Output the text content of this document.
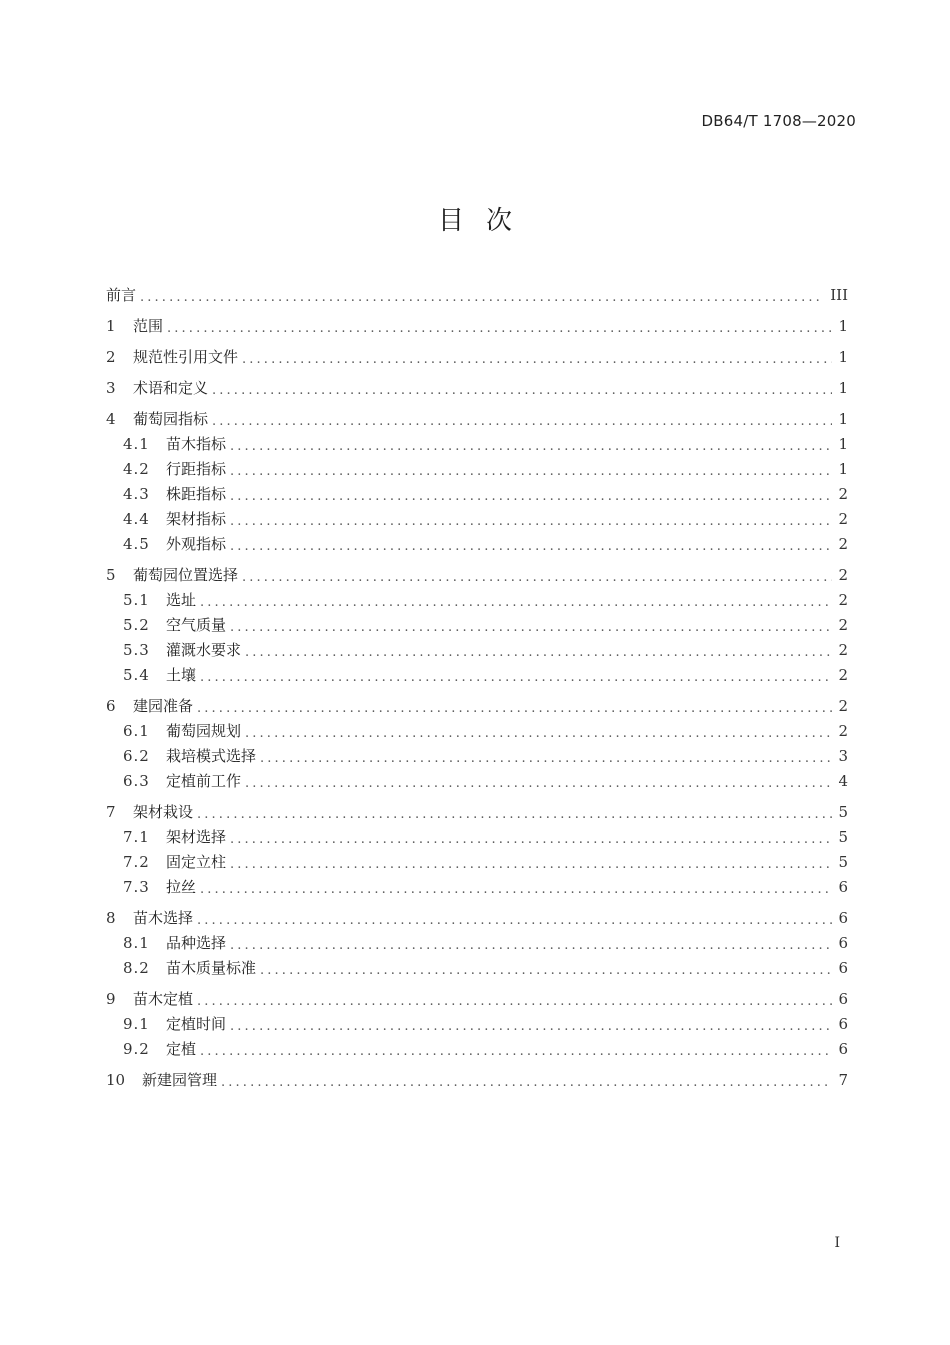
DB64/T 1708—2020
目次
前言 . . .	III
1	范围 . . .	1
2	规范性引用文件 . . .	1
3	术语和定义 . . .	1
4	葡萄园指标 . . .	1
4.1	苗木指标 . . .	1
4.2	行距指标 . . .	1
4.3	株距指标 . . .	2
4.4	架材指标 . . .	2
4.5	外观指标 . . .	2
5	葡萄园位置选择 . . .	2
5.1	选址 . . .	2
5.2	空气质量 . . .	2
5.3	灌溉水要求 . . .	2
5.4	土壤 . . .	2
6	建园准备 . . .	2
6.1	葡萄园规划 . . .	2
6.2	栽培模式选择 . . .	3
6.3	定植前工作 . . .	4
7	架材栽设 . . .	5
7.1	架材选择 . . .	5
7.2	固定立柱 . . .	5
7.3	拉丝 . . .	6
8	苗木选择 . . .	6
8.1	品种选择 . . .	6
8.2	苗木质量标准 . . .	6
9	苗木定植 . . .	6
9.1	定植时间 . . .	6
9.2	定植 . . .	6
10	新建园管理 . . .	7
I
